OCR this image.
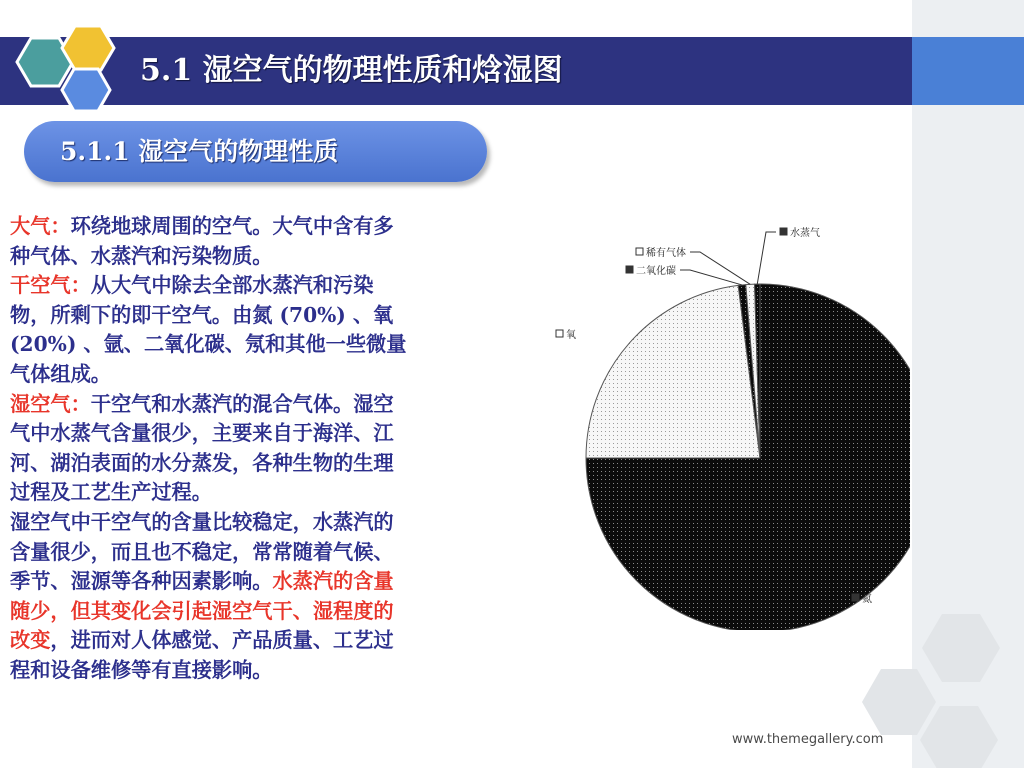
5.1 湿空气的物理性质和焓湿图
5.1.1 湿空气的物理性质
大气：环绕地球周围的空气。大气中含有多
种气体、水蒸汽和污染物质。
干空气：从大气中除去全部水蒸汽和污染
物，所剩下的即干空气。由氮 (70%) 、氧
(20%) 、氩、二氧化碳、氖和其他一些微量
气体组成。
湿空气：干空气和水蒸汽的混合气体。湿空
气中水蒸气含量很少，主要来自于海洋、江
河、湖泊表面的水分蒸发，各种生物的生理
过程及工艺生产过程。
湿空气中干空气的含量比较稳定，水蒸汽的
含量很少，而且也不稳定，常常随着气候、
季节、湿源等各种因素影响。水蒸汽的含量
随少，但其变化会引起湿空气干、湿程度的
改变，进而对人体感觉、产品质量、工艺过
程和设备维修等有直接影响。
氮
氧
二氧化碳
稀有气体
水蒸气
www.themegallery.com
